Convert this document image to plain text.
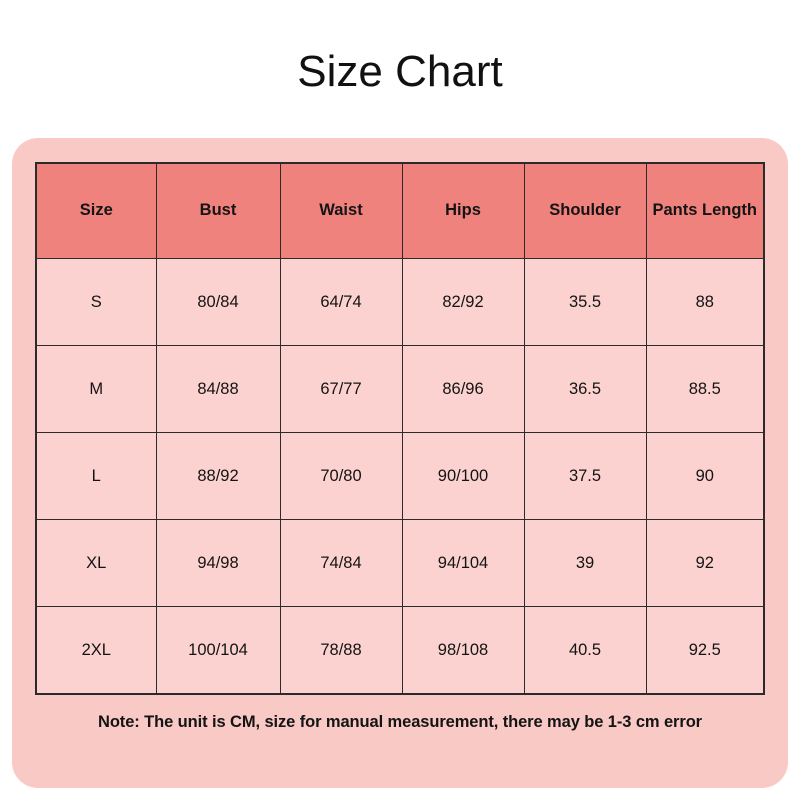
Size Chart
Size	Bust	Waist	Hips	Shoulder	Pants Length
S	80/84	64/74	82/92	35.5	88
M	84/88	67/77	86/96	36.5	88.5
L	88/92	70/80	90/100	37.5	90
XL	94/98	74/84	94/104	39	92
2XL	100/104	78/88	98/108	40.5	92.5
Note: The unit is CM, size for manual measurement, there may be 1-3 cm error
